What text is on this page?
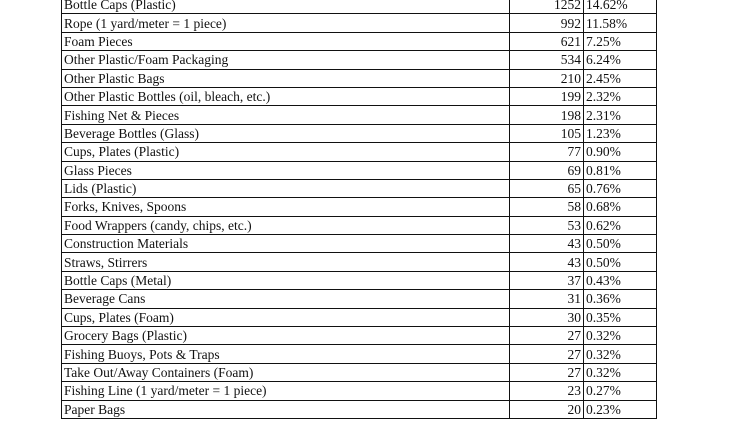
Bottle Caps (Plastic)	1252	14.62%
Rope (1 yard/meter = 1 piece)	992	11.58%
Foam Pieces	621	7.25%
Other Plastic/Foam Packaging	534	6.24%
Other Plastic Bags	210	2.45%
Other Plastic Bottles (oil, bleach, etc.)	199	2.32%
Fishing Net & Pieces	198	2.31%
Beverage Bottles (Glass)	105	1.23%
Cups, Plates (Plastic)	77	0.90%
Glass Pieces	69	0.81%
Lids (Plastic)	65	0.76%
Forks, Knives, Spoons	58	0.68%
Food Wrappers (candy, chips, etc.)	53	0.62%
Construction Materials	43	0.50%
Straws, Stirrers	43	0.50%
Bottle Caps (Metal)	37	0.43%
Beverage Cans	31	0.36%
Cups, Plates (Foam)	30	0.35%
Grocery Bags (Plastic)	27	0.32%
Fishing Buoys, Pots & Traps	27	0.32%
Take Out/Away Containers (Foam)	27	0.32%
Fishing Line (1 yard/meter = 1 piece)	23	0.27%
Paper Bags	20	0.23%
